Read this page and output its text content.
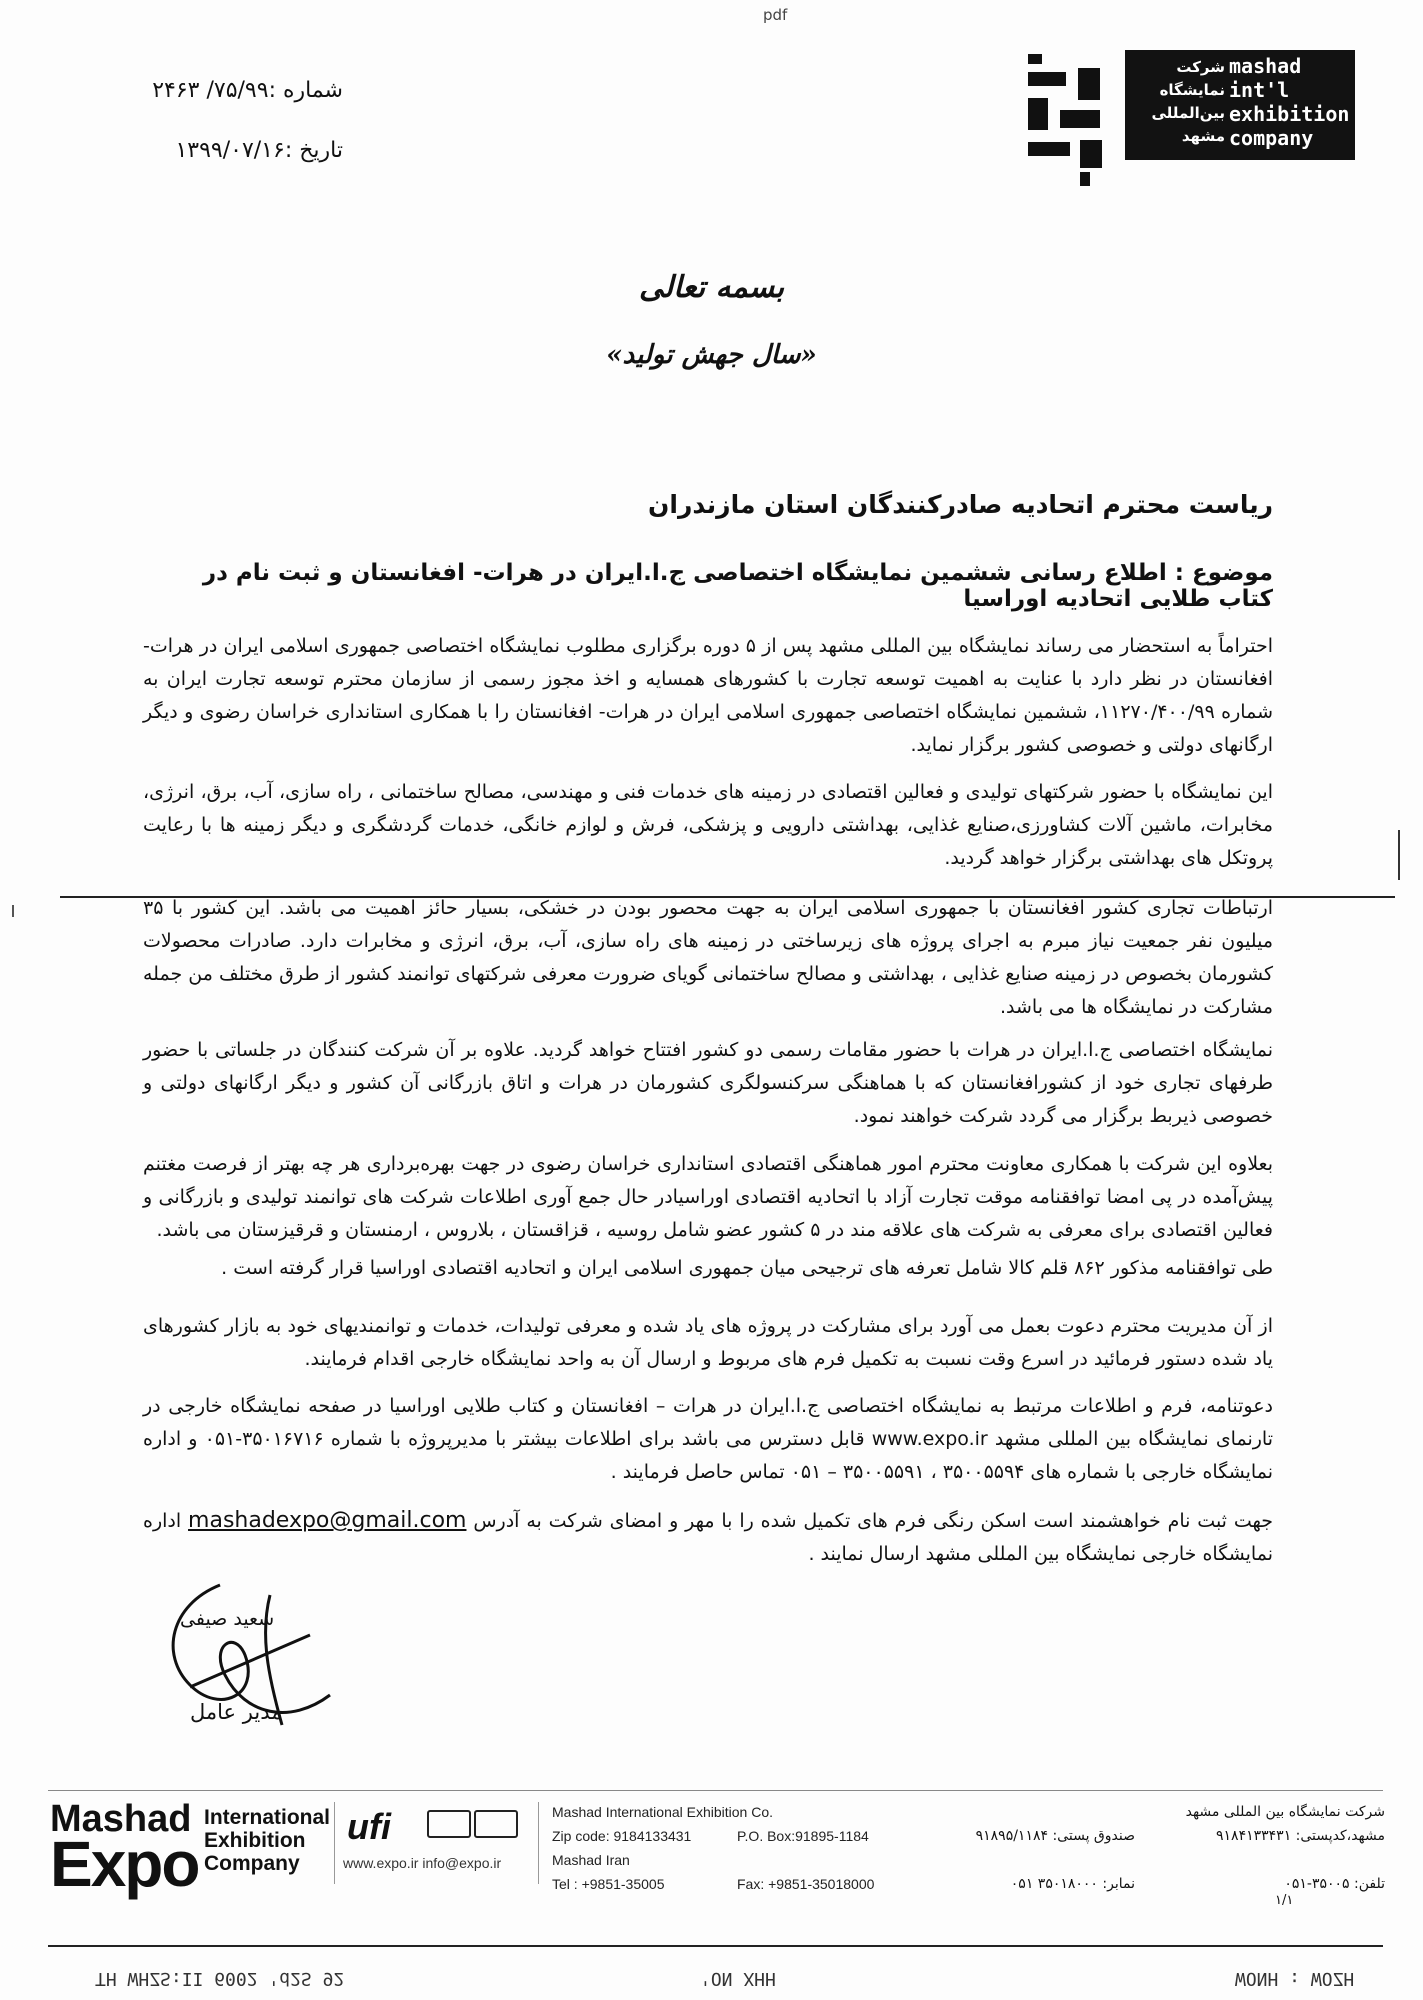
pdf
شرکت
نمایشگاه
بین‌المللی
مشهد
mashad
int'l
exhibition
company
شماره :۷۵/۹۹/ ۲۴۶۳
تاریخ :۱۳۹۹/۰۷/۱۶
بسمه تعالی
«سال جهش تولید»
ریاست محترم اتحادیه صادرکنندگان استان مازندران
موضوع : اطلاع رسانی ششمین نمایشگاه اختصاصی ج.ا.ایران در هرات- افغانستان و ثبت نام در کتاب طلایی اتحادیه اوراسیا
احتراماً به استحضار می رساند نمایشگاه بین المللی مشهد پس از ۵ دوره برگزاری مطلوب نمایشگاه اختصاصی جمهوری اسلامی ایران در هرات- افغانستان در نظر دارد با عنایت به اهمیت توسعه تجارت با کشورهای همسایه و اخذ مجوز رسمی از سازمان محترم توسعه تجارت ایران به شماره ۱۱۲۷۰/۴۰۰/۹۹، ششمین نمایشگاه اختصاصی جمهوری اسلامی ایران در هرات- افغانستان را با همکاری استانداری خراسان رضوی و دیگر ارگانهای دولتی و خصوصی کشور برگزار نماید.
این نمایشگاه با حضور شرکتهای تولیدی و فعالین اقتصادی در زمینه های خدمات فنی و مهندسی، مصالح ساختمانی ، راه سازی، آب، برق، انرژی، مخابرات، ماشین آلات کشاورزی،صنایع غذایی، بهداشتی دارویی و پزشکی، فرش و لوازم خانگی، خدمات گردشگری و دیگر زمینه ها با رعایت پروتکل های بهداشتی برگزار خواهد گردید.
ارتباطات تجاری کشور افغانستان با جمهوری اسلامی ایران به جهت محصور بودن در خشکی، بسیار حائز اهمیت می باشد. این کشور با ۳۵ میلیون نفر جمعیت نیاز مبرم به اجرای پروژه های زیرساختی در زمینه های راه سازی، آب، برق، انرژی و مخابرات دارد. صادرات محصولات کشورمان بخصوص در زمینه صنایع غذایی ، بهداشتی و مصالح ساختمانی گویای ضرورت معرفی شرکتهای توانمند کشور از طرق مختلف من جمله مشارکت در نمایشگاه ها می باشد.
نمایشگاه اختصاصی ج.ا.ایران در هرات با حضور مقامات رسمی دو کشور افتتاح خواهد گردید. علاوه بر آن شرکت کنندگان در جلساتی با حضور طرفهای تجاری خود از کشورافغانستان که با هماهنگی سرکنسولگری کشورمان در هرات و اتاق بازرگانی آن کشور و دیگر ارگانهای دولتی و خصوصی ذیربط برگزار می گردد شرکت خواهند نمود.
بعلاوه این شرکت با همکاری معاونت محترم امور هماهنگی اقتصادی استانداری خراسان رضوی در جهت بهره‌برداری هر چه بهتر از فرصت مغتنم پیش‌آمده در پی امضا توافقنامه موقت تجارت آزاد با اتحادیه اقتصادی اوراسیادر حال جمع آوری اطلاعات شرکت های توانمند تولیدی و بازرگانی و فعالین اقتصادی برای معرفی به شرکت های علاقه مند در ۵ کشور عضو شامل روسیه ، قزاقستان ، بلاروس ، ارمنستان و قرقیزستان می باشد.
طی توافقنامه مذکور ۸۶۲ قلم کالا شامل تعرفه های ترجیحی میان جمهوری اسلامی ایران و اتحادیه اقتصادی اوراسیا قرار گرفته است .
از آن مدیریت محترم دعوت بعمل می آورد برای مشارکت در پروژه های یاد شده و معرفی تولیدات، خدمات و توانمندیهای خود به بازار کشورهای یاد شده دستور فرمائید در اسرع وقت نسبت به تکمیل فرم های مربوط و ارسال آن به واحد نمایشگاه خارجی اقدام فرمایند.
دعوتنامه، فرم و اطلاعات مرتبط به نمایشگاه اختصاصی ج.ا.ایران در هرات – افغانستان و کتاب طلایی اوراسیا در صفحه نمایشگاه خارجی در تارنمای نمایشگاه بین المللی مشهد www.expo.ir قابل دسترس می باشد برای اطلاعات بیشتر با مدیرپروژه با شماره ۳۵۰۱۶۷۱۶-۰۵۱ و اداره نمایشگاه خارجی با شماره های ۳۵۰۰۵۵۹۴ ، ۳۵۰۰۵۵۹۱ – ۰۵۱ تماس حاصل فرمایند .
جهت ثبت نام خواهشمند است اسکن رنگی فرم های تکمیل شده را با مهر و امضای شرکت به آدرس mashadexpo@gmail.com اداره نمایشگاه خارجی نمایشگاه بین المللی مشهد ارسال نمایند .
سعید صیفی
مدیر عامل
Mashad
Expo
International
Exhibition
Company
ufi
www.expo.ir info@expo.ir
Mashad International Exhibition Co.
Zip code: 9184133431
Mashad Iran
Tel : +9851-35005
P.O. Box:91895-1184
Fax: +9851-35018000
شرکت نمایشگاه بین المللی مشهد
مشهد،کدپستی: ۹۱۸۴۱۳۳۴۳۱
تلفن: ۳۵۰۰۵-۰۵۱
صندوق پستی: ۹۱۸۹۵/۱۱۸۴
نمابر: ۳۵۰۱۸۰۰۰ ۰۵۱
۱/۱
TH WHZS:II 6002 'd2S 92	'ON XHH	WONH : WOZH
